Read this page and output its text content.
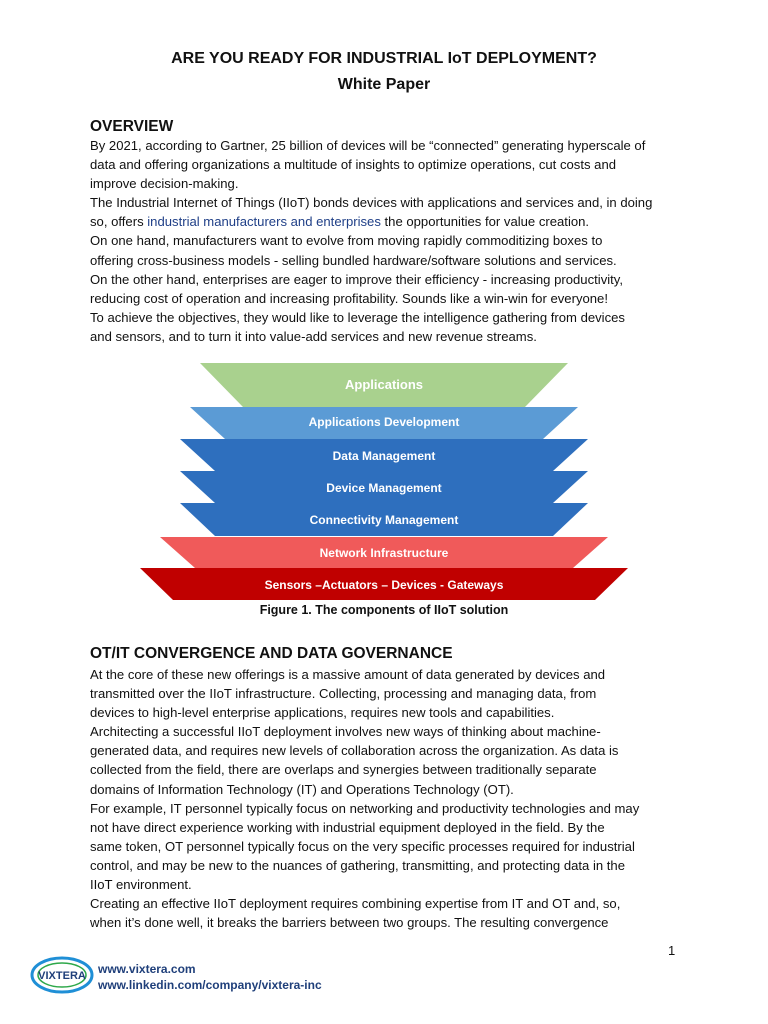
ARE YOU READY FOR INDUSTRIAL IoT DEPLOYMENT?
White Paper
OVERVIEW

By 2021, according to Gartner, 25 billion of devices will be “connected” generating hyperscale of

data and offering organizations a multitude of insights to optimize operations, cut costs and

improve decision-making.

The Industrial Internet of Things (IIoT) bonds devices with applications and services and, in doing

so, offers industrial manufacturers and enterprises the opportunities for value creation.

On one hand, manufacturers want to evolve from moving rapidly commoditizing boxes to

offering cross-business models - selling bundled hardware/software solutions and services.

On the other hand, enterprises are eager to improve their efficiency - increasing productivity,

reducing cost of operation and increasing profitability. Sounds like a win-win for everyone!

To achieve the objectives, they would like to leverage the intelligence gathering from devices

and sensors, and to turn it into value-add services and new revenue streams.

Sensors –Actuators – Devices - Gateways
Network Infrastructure
Connectivity Management
Device Management
Data Management
Applications Development
Applications
Figure 1. The components of IIoT solution
OT/IT CONVERGENCE AND DATA GOVERNANCE

At the core of these new offerings is a massive amount of data generated by devices and

transmitted over the IIoT infrastructure. Collecting, processing and managing data, from

devices to high-level enterprise applications, requires new tools and capabilities.

Architecting a successful IIoT deployment involves new ways of thinking about machine-

generated data, and requires new levels of collaboration across the organization. As data is

collected from the field, there are overlaps and synergies between traditionally separate

domains of Information Technology (IT) and Operations Technology (OT).

For example, IT personnel typically focus on networking and productivity technologies and may

not have direct experience working with industrial equipment deployed in the field. By the

same token, OT personnel typically focus on the very specific processes required for industrial

control, and may be new to the nuances of gathering, transmitting, and protecting data in the

IIoT environment.

Creating an effective IIoT deployment requires combining expertise from IT and OT and, so,

when it’s done well, it breaks the barriers between two groups. The resulting convergence

1
VIXTERA www.vixtera.com
www.linkedin.com/company/vixtera-inc
